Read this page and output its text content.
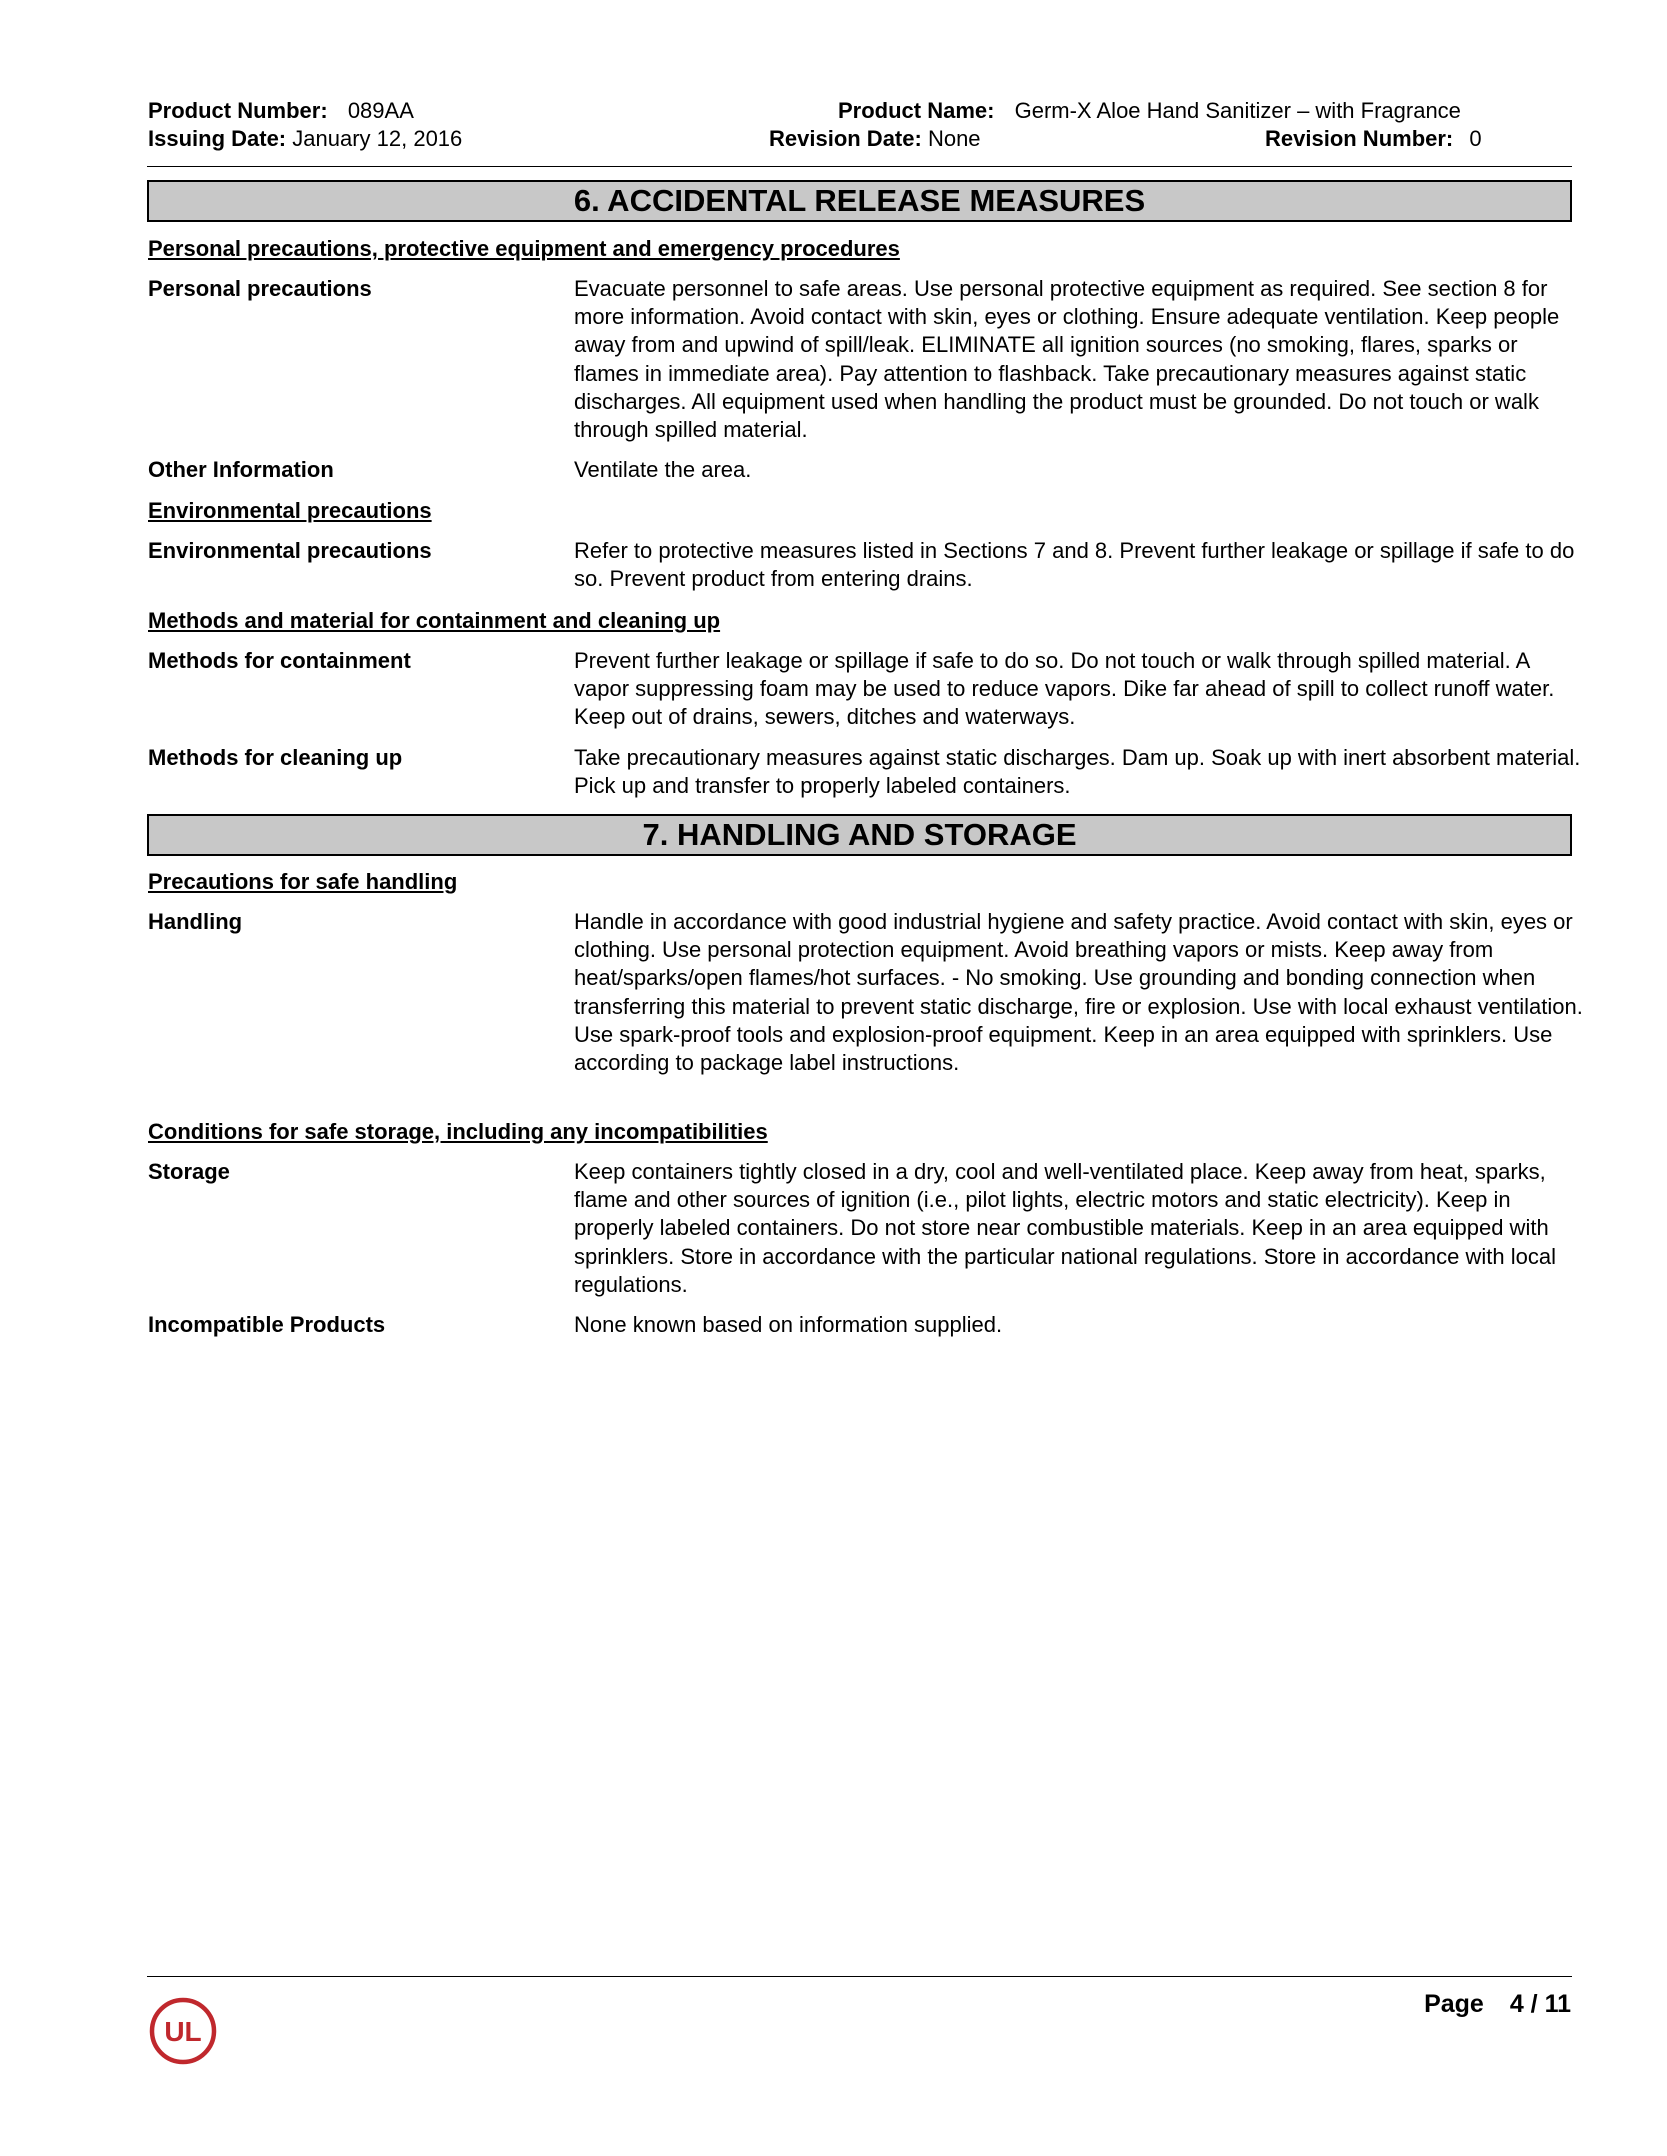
Product Number: 089AA
Issuing Date: January 12, 2016
Product Name: Germ-X Aloe Hand Sanitizer – with Fragrance
Revision Date: None	Revision Number: 0
6. ACCIDENTAL RELEASE MEASURES
Personal precautions, protective equipment and emergency procedures
Personal precautions	Evacuate personnel to safe areas. Use personal protective equipment as required. See section 8 for more information. Avoid contact with skin, eyes or clothing. Ensure adequate ventilation. Keep people away from and upwind of spill/leak. ELIMINATE all ignition sources (no smoking, flares, sparks or flames in immediate area). Pay attention to flashback. Take precautionary measures against static discharges. All equipment used when handling the product must be grounded. Do not touch or walk through spilled material.
Other Information	Ventilate the area.
Environmental precautions
Environmental precautions	Refer to protective measures listed in Sections 7 and 8. Prevent further leakage or spillage if safe to do so. Prevent product from entering drains.
Methods and material for containment and cleaning up
Methods for containment	Prevent further leakage or spillage if safe to do so. Do not touch or walk through spilled material. A vapor suppressing foam may be used to reduce vapors. Dike far ahead of spill to collect runoff water. Keep out of drains, sewers, ditches and waterways.
Methods for cleaning up	Take precautionary measures against static discharges. Dam up. Soak up with inert absorbent material. Pick up and transfer to properly labeled containers.
7. HANDLING AND STORAGE
Precautions for safe handling
Handling	Handle in accordance with good industrial hygiene and safety practice. Avoid contact with skin, eyes or clothing. Use personal protection equipment. Avoid breathing vapors or mists. Keep away from heat/sparks/open flames/hot surfaces. - No smoking. Use grounding and bonding connection when transferring this material to prevent static discharge, fire or explosion. Use with local exhaust ventilation. Use spark-proof tools and explosion-proof equipment. Keep in an area equipped with sprinklers. Use according to package label instructions.
Conditions for safe storage, including any incompatibilities
Storage	Keep containers tightly closed in a dry, cool and well-ventilated place. Keep away from heat, sparks, flame and other sources of ignition (i.e., pilot lights, electric motors and static electricity). Keep in properly labeled containers. Do not store near combustible materials. Keep in an area equipped with sprinklers. Store in accordance with the particular national regulations. Store in accordance with local regulations.
Incompatible Products	None known based on information supplied.
UL
Page 4 / 11
